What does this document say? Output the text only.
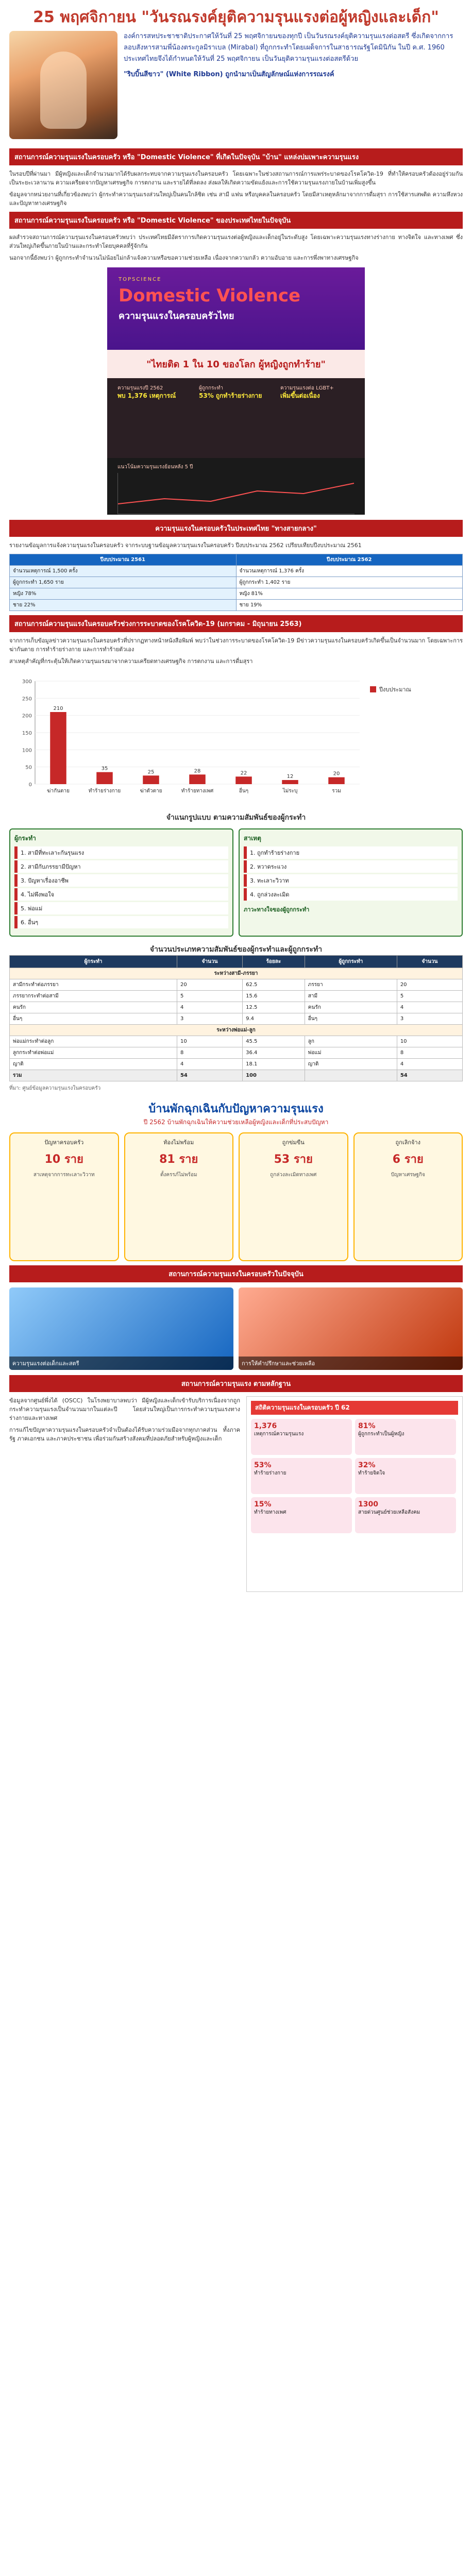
25 พฤศจิกายน "วันรณรงค์ยุติความรุนแรงต่อผู้หญิงและเด็ก"

องค์การสหประชาชาติประกาศให้วันที่ 25 พฤศจิกายนของทุกปี เป็นวันรณรงค์ยุติความรุนแรงต่อสตรี ซึ่งเกิดจากการลอบสังหารสามพี่น้องตระกูลมิราเบล (Mirabal) ที่ถูกกระทำโดยเผด็จการในสาธารณรัฐโดมินิกัน ในปี ค.ศ. 1960 ประเทศไทยจึงได้กำหนดให้วันที่ 25 พฤศจิกายน เป็นวันยุติความรุนแรงต่อสตรีด้วย

"ริบบิ้นสีขาว" (White Ribbon) ถูกนำมาเป็นสัญลักษณ์แห่งการรณรงค์

สถานการณ์ความรุนแรงในครอบครัว หรือ "Domestic Violence" ที่เกิดในปัจจุบัน "บ้าน" แหล่งบ่มเพาะความรุนแรง

ในรอบปีที่ผ่านมา มีผู้หญิงและเด็กจำนวนมากได้รับผลกระทบจากความรุนแรงในครอบครัว โดยเฉพาะในช่วงสถานการณ์การแพร่ระบาดของโรคโควิด-19 ที่ทำให้ครอบครัวต้องอยู่ร่วมกันเป็นระยะเวลานาน ความเครียดจากปัญหาเศรษฐกิจ การตกงาน และรายได้ที่ลดลง ส่งผลให้เกิดความขัดแย้งและการใช้ความรุนแรงภายในบ้านเพิ่มสูงขึ้น

ข้อมูลจากหน่วยงานที่เกี่ยวข้องพบว่า ผู้กระทำความรุนแรงส่วนใหญ่เป็นคนใกล้ชิด เช่น สามี แฟน หรือบุคคลในครอบครัว โดยมีสาเหตุหลักมาจากการดื่มสุรา การใช้สารเสพติด ความหึงหวง และปัญหาทางเศรษฐกิจ

สถานการณ์ความรุนแรงในครอบครัว หรือ "Domestic Violence" ของประเทศไทยในปัจจุบัน

ผลสำรวจสถานการณ์ความรุนแรงในครอบครัวพบว่า ประเทศไทยมีอัตราการเกิดความรุนแรงต่อผู้หญิงและเด็กอยู่ในระดับสูง โดยเฉพาะความรุนแรงทางร่างกาย ทางจิตใจ และทางเพศ ซึ่งส่วนใหญ่เกิดขึ้นภายในบ้านและกระทำโดยบุคคลที่รู้จักกัน

นอกจากนี้ยังพบว่า ผู้ถูกกระทำจำนวนไม่น้อยไม่กล้าแจ้งความหรือขอความช่วยเหลือ เนื่องจากความกลัว ความอับอาย และการพึ่งพาทางเศรษฐกิจ

TOPSCIENCE
Domestic Violence
ความรุนแรงในครอบครัวไทย
"ไทยติด 1 ใน 10 ของโลก ผู้หญิงถูกทำร้าย"
ความรุนแรงปี 2562
พบ 1,376 เหตุการณ์
ผู้ถูกกระทำ
53% ถูกทำร้ายร่างกาย
ความรุนแรงต่อ LGBT+
เพิ่มขึ้นต่อเนื่อง
แนวโน้มความรุนแรงย้อนหลัง 5 ปี
ความรุนแรงในครอบครัวในประเทศไทย "ทางสายกลาง"

รายงานข้อมูลการแจ้งความรุนแรงในครอบครัว จากระบบฐานข้อมูลความรุนแรงในครอบครัว ปีงบประมาณ 2562 เปรียบเทียบปีงบประมาณ 2561

ปีงบประมาณ 2561	ปีงบประมาณ 2562
จำนวนเหตุการณ์ 1,500 ครั้ง	จำนวนเหตุการณ์ 1,376 ครั้ง
ผู้ถูกกระทำ 1,650 ราย	ผู้ถูกกระทำ 1,402 ราย
หญิง 78%	หญิง 81%
ชาย 22%	ชาย 19%
สถานการณ์ความรุนแรงในครอบครัวช่วงการระบาดของโรคโควิด-19 (มกราคม - มิถุนายน 2563)

จากการเก็บข้อมูลข่าวความรุนแรงในครอบครัวที่ปรากฏทางหน้าหนังสือพิมพ์ พบว่าในช่วงการระบาดของโรคโควิด-19 มีข่าวความรุนแรงในครอบครัวเกิดขึ้นเป็นจำนวนมาก โดยเฉพาะการฆ่ากันตาย การทำร้ายร่างกาย และการทำร้ายตัวเอง

สาเหตุสำคัญที่กระตุ้นให้เกิดความรุนแรงมาจากความเครียดทางเศรษฐกิจ การตกงาน และการดื่มสุรา

0
50
100
150
200
250
300
210
ฆ่ากันตาย
35
ทำร้ายร่างกาย
25
ฆ่าตัวตาย
28
ทำร้ายทางเพศ
22
อื่นๆ
12
ไม่ระบุ
20
รวม
ปีงบประมาณ
จำแนกรูปแบบ ตามความสัมพันธ์ของผู้กระทำ
ผู้กระทำ
1. สามีที่ทะเลาะกันรุนแรง
2. สามีกับภรรยามีปัญหา
3. ปัญหาเรื่องอาชีพ
4. ไม่พึงพอใจ
5. พ่อแม่
6. อื่นๆ
สาเหตุ
1. ถูกทำร้ายร่างกาย
2. หวาดระแวง
3. ทะเลาะวิวาท
4. ถูกล่วงละเมิด
ภาวะทางใจของผู้ถูกกระทำ
จำนวนประเภทความสัมพันธ์ของผู้กระทำและผู้ถูกกระทำ
ผู้กระทำ	จำนวน	ร้อยละ	ผู้ถูกกระทำ	จำนวน
ระหว่างสามี-ภรรยา				
สามีกระทำต่อภรรยา	20	62.5	ภรรยา	20
ภรรยากระทำต่อสามี	5	15.6	สามี	5
คนรัก	4	12.5	คนรัก	4
อื่นๆ	3	9.4	อื่นๆ	3
ระหว่างพ่อแม่-ลูก				
พ่อแม่กระทำต่อลูก	10	45.5	ลูก	10
ลูกกระทำต่อพ่อแม่	8	36.4	พ่อแม่	8
ญาติ	4	18.1	ญาติ	4
รวม	54	100		54
ที่มา: ศูนย์ข้อมูลความรุนแรงในครอบครัว
บ้านพักฉุกเฉินกับปัญหาความรุนแรง
ปี 2562 บ้านพักฉุกเฉินให้ความช่วยเหลือผู้หญิงและเด็กที่ประสบปัญหา
ปัญหาครอบครัว
10 ราย
สาเหตุจากการทะเลาะวิวาท
ท้องไม่พร้อม
81 ราย
ตั้งครรภ์ไม่พร้อม
ถูกข่มขืน
53 ราย
ถูกล่วงละเมิดทางเพศ
ถูกเลิกจ้าง
6 ราย
ปัญหาเศรษฐกิจ
สถานการณ์ความรุนแรงในครอบครัวในปัจจุบัน
ความรุนแรงต่อเด็กและสตรี	การให้คำปรึกษาและช่วยเหลือ
สถานการณ์ความรุนแรง ตามหลักฐาน

ข้อมูลจากศูนย์พึ่งได้ (OSCC) ในโรงพยาบาลพบว่า มีผู้หญิงและเด็กเข้ารับบริการเนื่องจากถูกกระทำความรุนแรงเป็นจำนวนมากในแต่ละปี โดยส่วนใหญ่เป็นการกระทำความรุนแรงทางร่างกายและทางเพศ

การแก้ไขปัญหาความรุนแรงในครอบครัวจำเป็นต้องได้รับความร่วมมือจากทุกภาคส่วน ทั้งภาครัฐ ภาคเอกชน และภาคประชาชน เพื่อร่วมกันสร้างสังคมที่ปลอดภัยสำหรับผู้หญิงและเด็ก

สถิติความรุนแรงในครอบครัว ปี 62
1,376
เหตุการณ์ความรุนแรง
81%
ผู้ถูกกระทำเป็นผู้หญิง
53%
ทำร้ายร่างกาย
32%
ทำร้ายจิตใจ
15%
ทำร้ายทางเพศ
1300
สายด่วนศูนย์ช่วยเหลือสังคม
